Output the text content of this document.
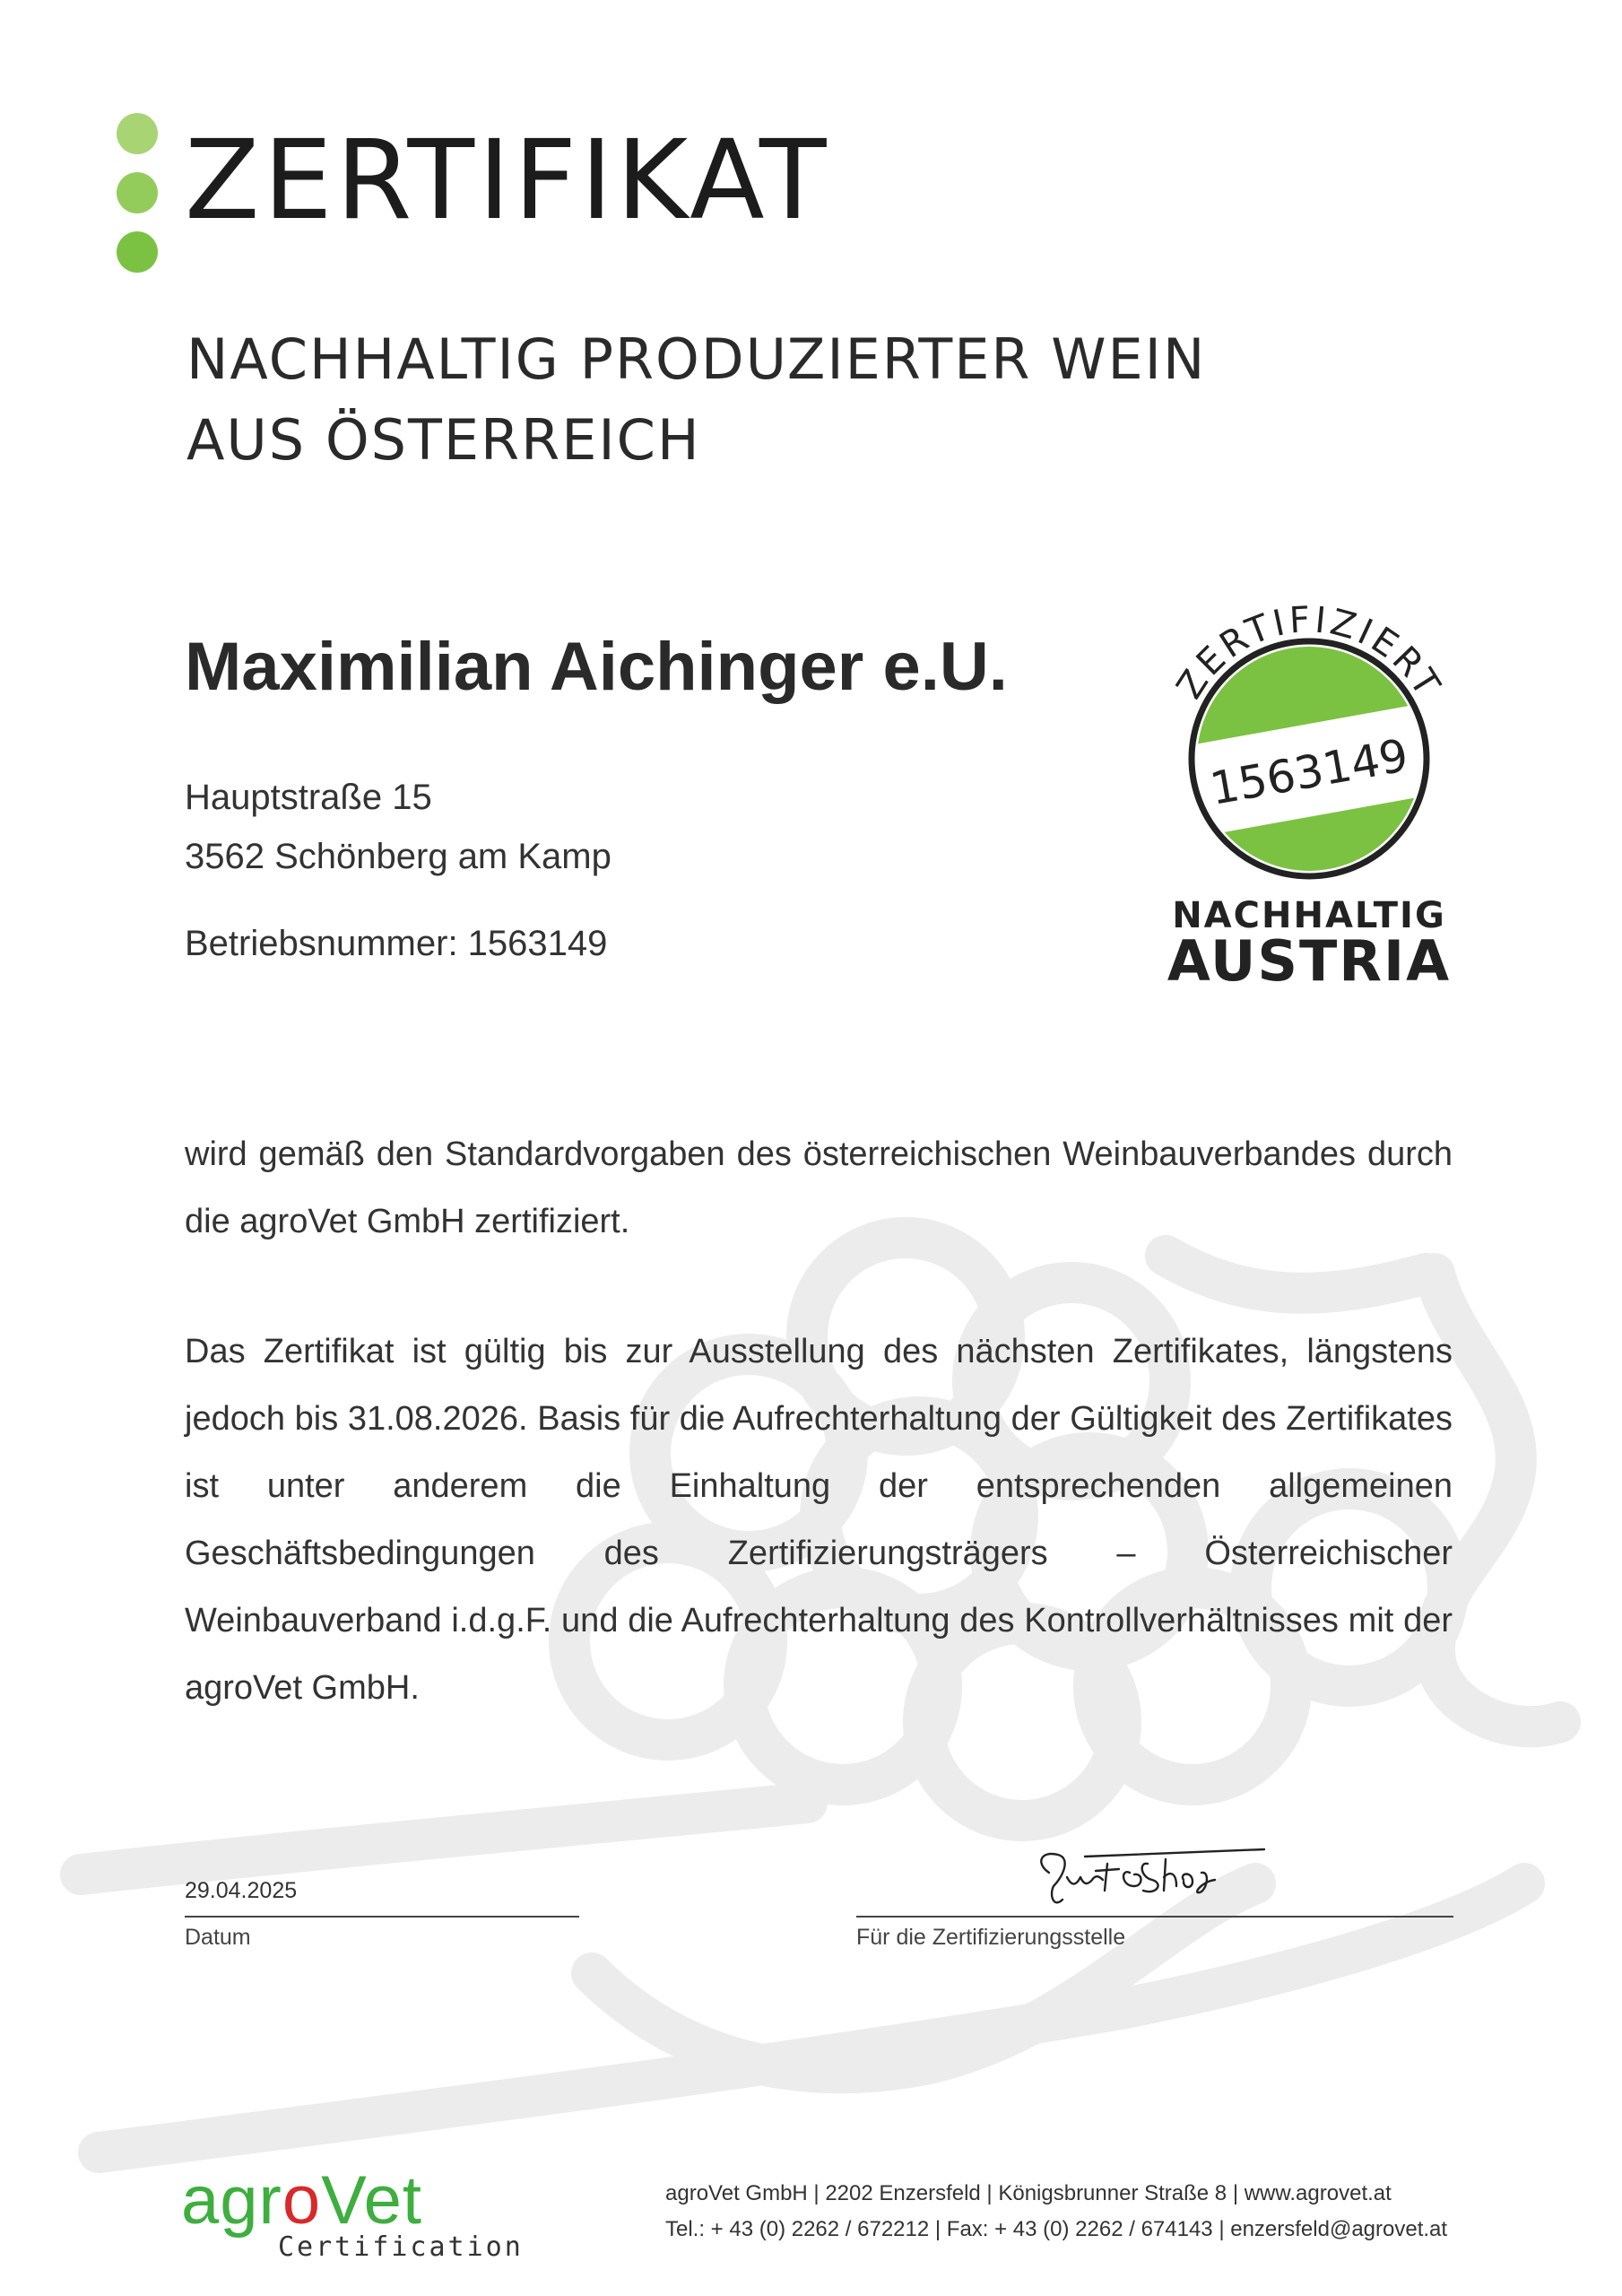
ZERTIFIKAT
NACHHALTIG PRODUZIERTER WEIN
AUS ÖSTERREICH
Maximilian Aichinger e.U.
Hauptstraße 15
3562 Schönberg am Kamp
Betriebsnummer: 1563149
ZERTIFIZIERT
1563149
NACHHALTIG
AUSTRIA
wird gemäß den Standardvorgaben des österreichischen Weinbauverbandes durch die agroVet GmbH zertifiziert.
Das Zertifikat ist gültig bis zur Ausstellung des nächsten Zertifikates, längstens jedoch bis 31.08.2026. Basis für die Aufrechterhaltung der Gültigkeit des Zertifikates ist unter anderem die Einhaltung der entsprechenden allgemeinen Geschäftsbedingungen des Zertifizierungsträgers – Österreichischer Weinbauverband i.d.g.F. und die Aufrechterhaltung des Kontrollverhältnisses mit der agroVet GmbH.
29.04.2025
Datum	Für die Zertifizierungsstelle
agroVet
Certification
agroVet GmbH | 2202 Enzersfeld | Königsbrunner Straße 8 | www.agrovet.at
Tel.: + 43 (0) 2262 / 672212 | Fax: + 43 (0) 2262 / 674143 | enzersfeld@agrovet.at
